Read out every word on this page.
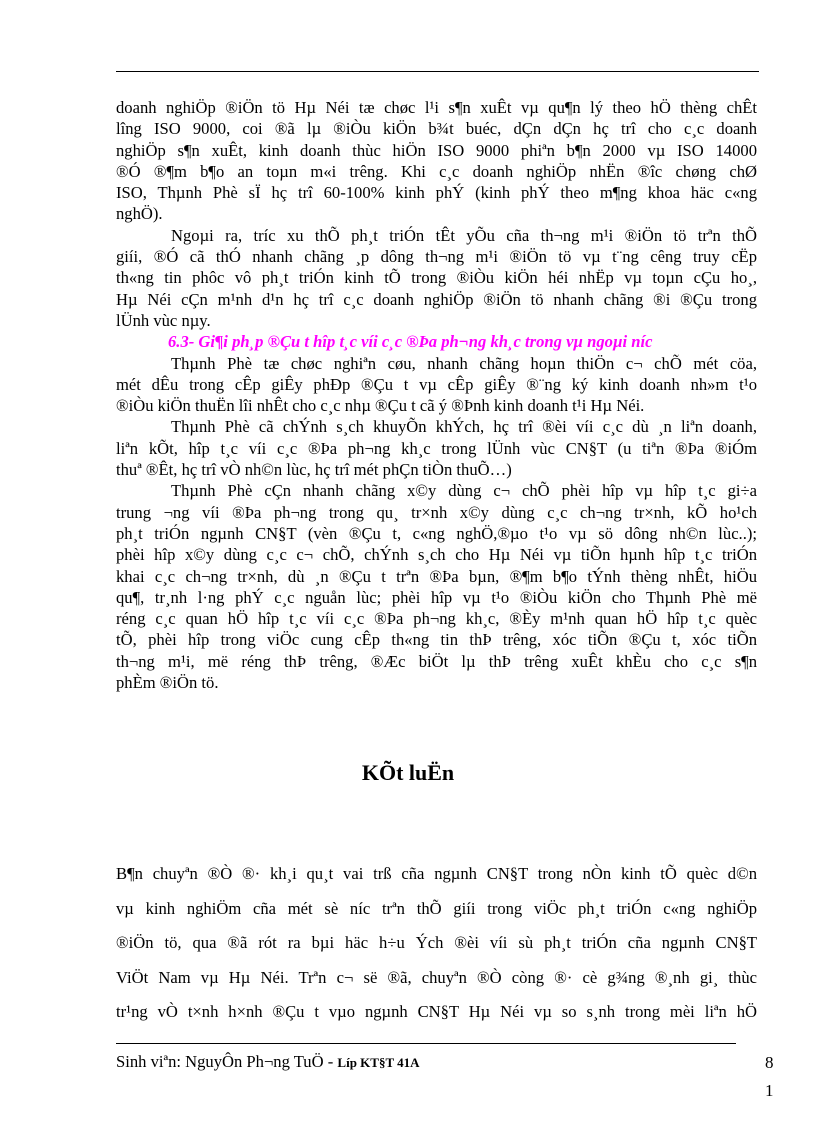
doanh nghiÖp ®iÖn tö Hµ Néi tæ chøc l¹i s¶n xuÊt vµ qu¶n lý theo hÖ thèng chÊt
lîng ISO 9000, coi ®ã lµ ®iÒu kiÖn b¾t buéc, dÇn dÇn hç trî cho c¸c doanh
nghiÖp s¶n xuÊt, kinh doanh thùc hiÖn ISO 9000 phiªn b¶n 2000 vµ ISO 14000
®Ó ®¶m b¶o an toµn m«i trêng. Khi c¸c doanh nghiÖp nhËn ®îc chøng chØ
ISO, Thµnh Phè sÏ hç trî 60-100% kinh phÝ (kinh phÝ theo m¶ng khoa häc c«ng
nghÖ).
Ngoµi ra, tríc xu thÕ ph¸t triÓn tÊt yÕu cña th¬ng m¹i ®iÖn tö trªn thÕ
giíi, ®Ó cã thÓ nhanh chãng ¸p dông th¬ng m¹i ®iÖn tö vµ t¨ng cêng truy cËp
th«ng tin phôc vô ph¸t triÓn kinh tÕ trong ®iÒu kiÖn héi nhËp vµ toµn cÇu ho¸,
Hµ Néi cÇn m¹nh d¹n hç trî c¸c doanh nghiÖp ®iÖn tö nhanh chãng ®i ®Çu trong
lÜnh vùc nµy.
6.3- Gi¶i ph¸p ®Çu t hîp t¸c víi c¸c ®Þa ph¬ng kh¸c trong vµ ngoµi níc
Thµnh Phè tæ chøc nghiªn cøu, nhanh chãng hoµn thiÖn c¬ chÕ mét cöa,
mét dÊu trong cÊp giÊy phÐp ®Çu t vµ cÊp giÊy ®¨ng ký kinh doanh nh»m t¹o
®iÒu kiÖn thuËn lîi nhÊt cho c¸c nhµ ®Çu t cã ý ®Þnh kinh doanh t¹i Hµ Néi.
Thµnh Phè cã chÝnh s¸ch khuyÕn khÝch, hç trî ®èi víi c¸c dù ¸n liªn doanh,
liªn kÕt, hîp t¸c víi c¸c ®Þa ph¬ng kh¸c trong lÜnh vùc CN§T (u tiªn ®Þa ®iÓm
thuª ®Êt, hç trî vÒ nh©n lùc, hç trî mét phÇn tiÒn thuÕ…)
Thµnh Phè cÇn nhanh chãng x©y dùng c¬ chÕ phèi hîp vµ hîp t¸c gi÷a
trung ¬ng víi ®Þa ph¬ng trong qu¸ tr×nh x©y dùng c¸c ch¬ng tr×nh, kÕ ho¹ch
ph¸t triÓn ngµnh CN§T (vèn ®Çu t, c«ng nghÖ,®µo t¹o vµ sö dông nh©n lùc..);
phèi hîp x©y dùng c¸c c¬ chÕ, chÝnh s¸ch cho Hµ Néi vµ tiÕn hµnh hîp t¸c triÓn
khai c¸c ch¬ng tr×nh, dù ¸n ®Çu t trªn ®Þa bµn, ®¶m b¶o tÝnh thèng nhÊt, hiÖu
qu¶, tr¸nh l·ng phÝ c¸c nguån lùc; phèi hîp vµ t¹o ®iÒu kiÖn cho Thµnh Phè më
réng c¸c quan hÖ hîp t¸c víi c¸c ®Þa ph¬ng kh¸c, ®Èy m¹nh quan hÖ hîp t¸c quèc
tÕ, phèi hîp trong viÖc cung cÊp th«ng tin thÞ trêng, xóc tiÕn ®Çu t, xóc tiÕn
th¬ng m¹i, më réng thÞ trêng, ®Æc biÖt lµ thÞ trêng xuÊt khÈu cho c¸c s¶n
phÈm ®iÖn tö.
KÕt luËn
B¶n chuyªn ®Ò ®· kh¸i qu¸t vai trß cña ngµnh CN§T trong nÒn kinh tÕ quèc d©n
vµ kinh nghiÖm cña mét sè níc trªn thÕ giíi trong viÖc ph¸t triÓn c«ng nghiÖp
®iÖn tö, qua ®ã rót ra bµi häc h÷u Ých ®èi víi sù ph¸t triÓn cña ngµnh CN§T
ViÖt Nam vµ Hµ Néi. Trªn c¬ së ®ã, chuyªn ®Ò còng ®· cè g¾ng ®¸nh gi¸ thùc
tr¹ng vÒ t×nh h×nh ®Çu t vµo ngµnh CN§T Hµ Néi vµ so s¸nh trong mèi liªn hÖ
Sinh viªn: NguyÔn Ph¬ng TuÖ - Líp KT§T 41A	8
1
